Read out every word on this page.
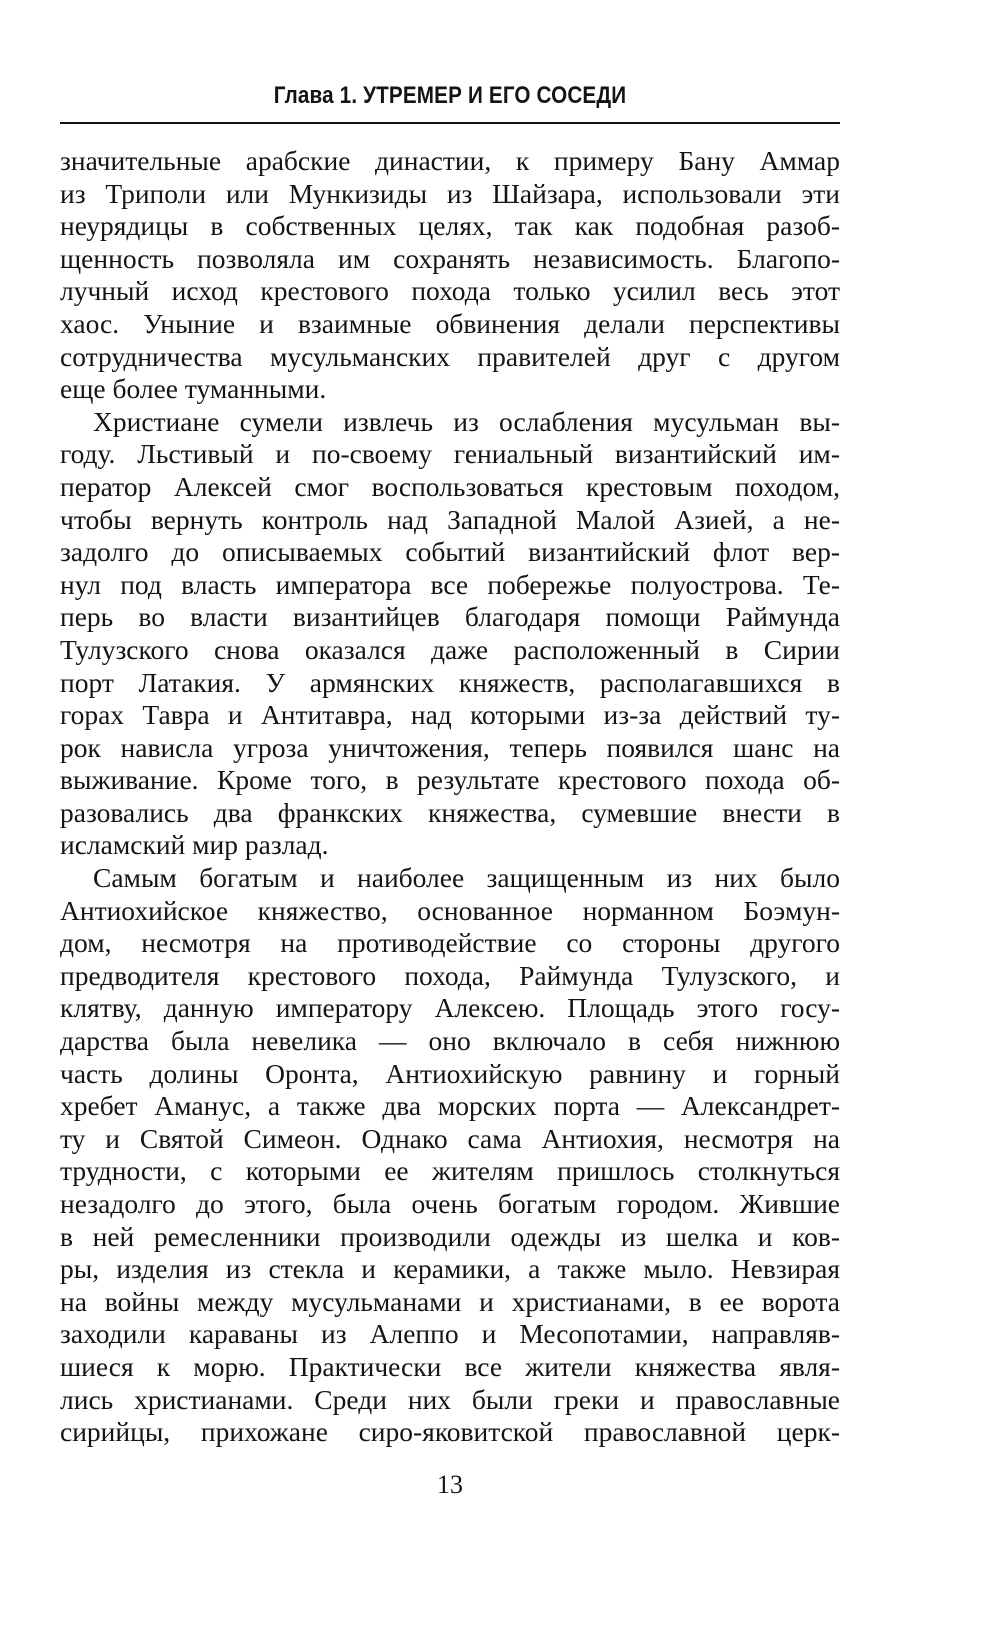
Глава 1. УТРЕМЕР И ЕГО СОСЕДИ
значительные арабские династии, к примеру Бану Аммар
из Триполи или Мункизиды из Шайзара, использовали эти
неурядицы в собственных целях, так как подобная разоб-
щенность позволяла им сохранять независимость. Благопо-
лучный исход крестового похода только усилил весь этот
хаос. Уныние и взаимные обвинения делали перспективы
сотрудничества мусульманских правителей друг с другом
еще более туманными.
Христиане сумели извлечь из ослабления мусульман вы-
году. Льстивый и по-своему гениальный византийский им-
ператор Алексей смог воспользоваться крестовым походом,
чтобы вернуть контроль над Западной Малой Азией, а не-
задолго до описываемых событий византийский флот вер-
нул под власть императора все побережье полуострова. Те-
перь во власти византийцев благодаря помощи Раймунда
Тулузского снова оказался даже расположенный в Сирии
порт Латакия. У армянских княжеств, располагавшихся в
горах Тавра и Антитавра, над которыми из-за действий ту-
рок нависла угроза уничтожения, теперь появился шанс на
выживание. Кроме того, в результате крестового похода об-
разовались два франкских княжества, сумевшие внести в
исламский мир разлад.
Самым богатым и наиболее защищенным из них было
Антиохийское княжество, основанное норманном Боэмун-
дом, несмотря на противодействие со стороны другого
предводителя крестового похода, Раймунда Тулузского, и
клятву, данную императору Алексею. Площадь этого госу-
дарства была невелика — оно включало в себя нижнюю
часть долины Оронта, Антиохийскую равнину и горный
хребет Аманус, а также два морских порта — Александрет-
ту и Святой Симеон. Однако сама Антиохия, несмотря на
трудности, с которыми ее жителям пришлось столкнуться
незадолго до этого, была очень богатым городом. Жившие
в ней ремесленники производили одежды из шелка и ков-
ры, изделия из стекла и керамики, а также мыло. Невзирая
на войны между мусульманами и христианами, в ее ворота
заходили караваны из Алеппо и Месопотамии, направляв-
шиеся к морю. Практически все жители княжества явля-
лись христианами. Среди них были греки и православные
сирийцы, прихожане сиро-яковитской православной церк-
13
